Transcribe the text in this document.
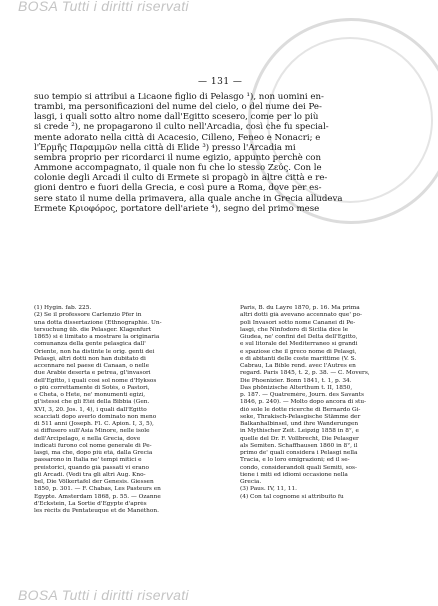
BOSA Tutti i diritti riservati
— 131 —

suo tempio si attribui a Licaone figlio di Pelasgo ¹), non uomini en-

trambi, ma personificazioni del nume del cielo, o del nume dei Pe-

lasgi, i quali sotto altro nome dall'Egitto scesero, come per lo più

si crede ²), ne propagarono il culto nell'Arcadia, così che fu special-

mente adorato nella città di Acacesio, Cilleno, Feneo e Nonacri; e

l'Ἑρμῆς Παραμμῶν nella città di Elide ³) presso l'Arcadia mi

sembra proprio per ricordarci il nume egizio, appunto perchè con

Ammone accompagnato, il quale non fu che lo stesso Ζεύς. Con le

colonie degli Arcadi il culto di Ermete si propagò in altre città e re-

gioni dentro e fuori della Grecia, e così pure a Roma, dove per es-

sere stato il nume della primavera, alla quale anche in Grecia alludeva

Ermete Κριοφόρος, portatore dell'ariete ⁴), segno del primo mese

(1) Hygin. fab. 225.

(2) Se il professore Carlenzio Pfer in

una dotta dissertazione (Ethnographie. Un-

tersuchung üb. die Pelasger. Klagenfurt

1865) si è limitato a mostrare la originaria

comunanza della gente pelasgica dall'

Oriente, non ha distinte le orig. genti dei

Pelasgi, altri dotti non han dubitato di

accennare nel paese di Canaan, o nelle

due Arabie deserta e petrea, gl'invasori

dell'Egitto, i quali così sol nome d'Hyksos

o più correttamente di Sotés, o Pastori,

e Cheta, o Hete, ne' monumenti egizi,

gl'istessi che gli Etèi della Bibbia (Gen.

XVI, 3, 20. Jos. 1, 4), i quali dall'Egitto

scacciati dopo averlo dominato non meno

di 511 anni (Joseph. Fl. C. Apion. I, 3, 5),

si diffusero sull'Asia Minore, nelle isole

dell'Arcipelago, e nella Grecia, dove

indicati furono col nome generale di Pe-

lasgi, ma che, dopo più età, dalla Grecia

passarono in Italia ne' tempi mitici e

preistorici, quando già passati vi erano

gli Arcadi. (Vedi tra gli altri Aug. Kno-

bel, Die Völkertafel der Genesis. Giessen

1850, p. 301. — F. Chabas, Les Pasteurs en

Égypte. Amsterdam 1868, p. 55. — Ozanne

d'Eckstein, La Sortie d'Égypte d'après

les récits du Pentateuque et de Manéthon.

Paris, B. du Layre 1870, p. 16. Ma prima

altri dotti già avevano accennato que' po-

poli Invasori sotto nome Cananei di Pe-

lasgi, che Ninfodoro di Sicilia dice le

Giudea, ne' confini del Delta dell'Egitto,

e sul litorale del Mediterraneo sì grandi

e spaziose che il greco nome di Pelasgi,

e di abitanti delle coste marittime (V. S.

Cabrau, La Bible rend. avec l'Autres en

regard. Paris 1845, t. 2, p. 38. — C. Movers,

Die Phoenizier. Bonn 1841, t. 1, p. 34.

Das phönizische Alterthum t. II, 1850,

p. 187. — Quatremère, Journ. des Savants

1846, p. 240). — Molto dopo ancora di stu-

diò sole le dotte ricerche di Bernardo Gi-

seke, Thrakisch-Pelasgische Stämme der

Balkanhalbinsel, und ihre Wanderungen

in Mythischer Zeit. Leipzig 1858 in 8°, e

quelle del Dr. F. Vollbrecht, Die Pelasger

als Semiten. Schaffhausen 1860 in 8°, il

primo de' quali considera i Pelasgi nella

Tracia, e lo loro emigrazioni; ed il se-

condo, considerandoli quali Semiti, sos-

tiene i miti ed idiomi occasione nella

Grecia.

(3) Paus. IV, 11, 11.

(4) Con tal cognome si attribuito fu

BOSA Tutti i diritti riservati
